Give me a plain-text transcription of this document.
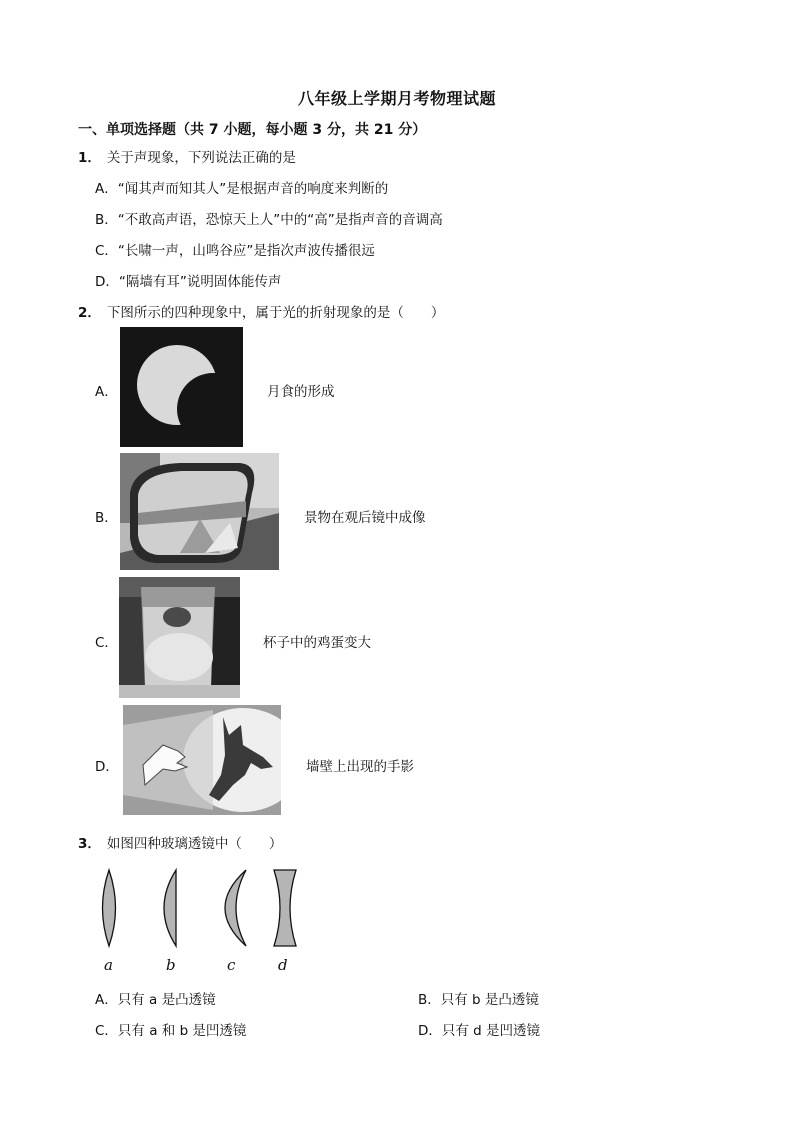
八年级上学期月考物理试题
一、单项选择题（共 7 小题，每小题 3 分，共 21 分）
1． 关于声现象，下列说法正确的是
A．“闻其声而知其人”是根据声音的响度来判断的
B．“不敢高声语，恐惊天上人”中的“高”是指声音的音调高
C．“长啸一声，山鸣谷应”是指次声波传播很远
D．“隔墙有耳”说明固体能传声
2． 下图所示的四种现象中，属于光的折射现象的是（　　）
A．	月食的形成
B．	景物在观后镜中成像
C．	杯子中的鸡蛋变大
D．	墙壁上出现的手影
3． 如图四种玻璃透镜中（　　）
a	b	c	d
A．只有 a 是凸透镜	B．只有 b 是凸透镜
C．只有 a 和 b 是凹透镜	D．只有 d 是凹透镜
